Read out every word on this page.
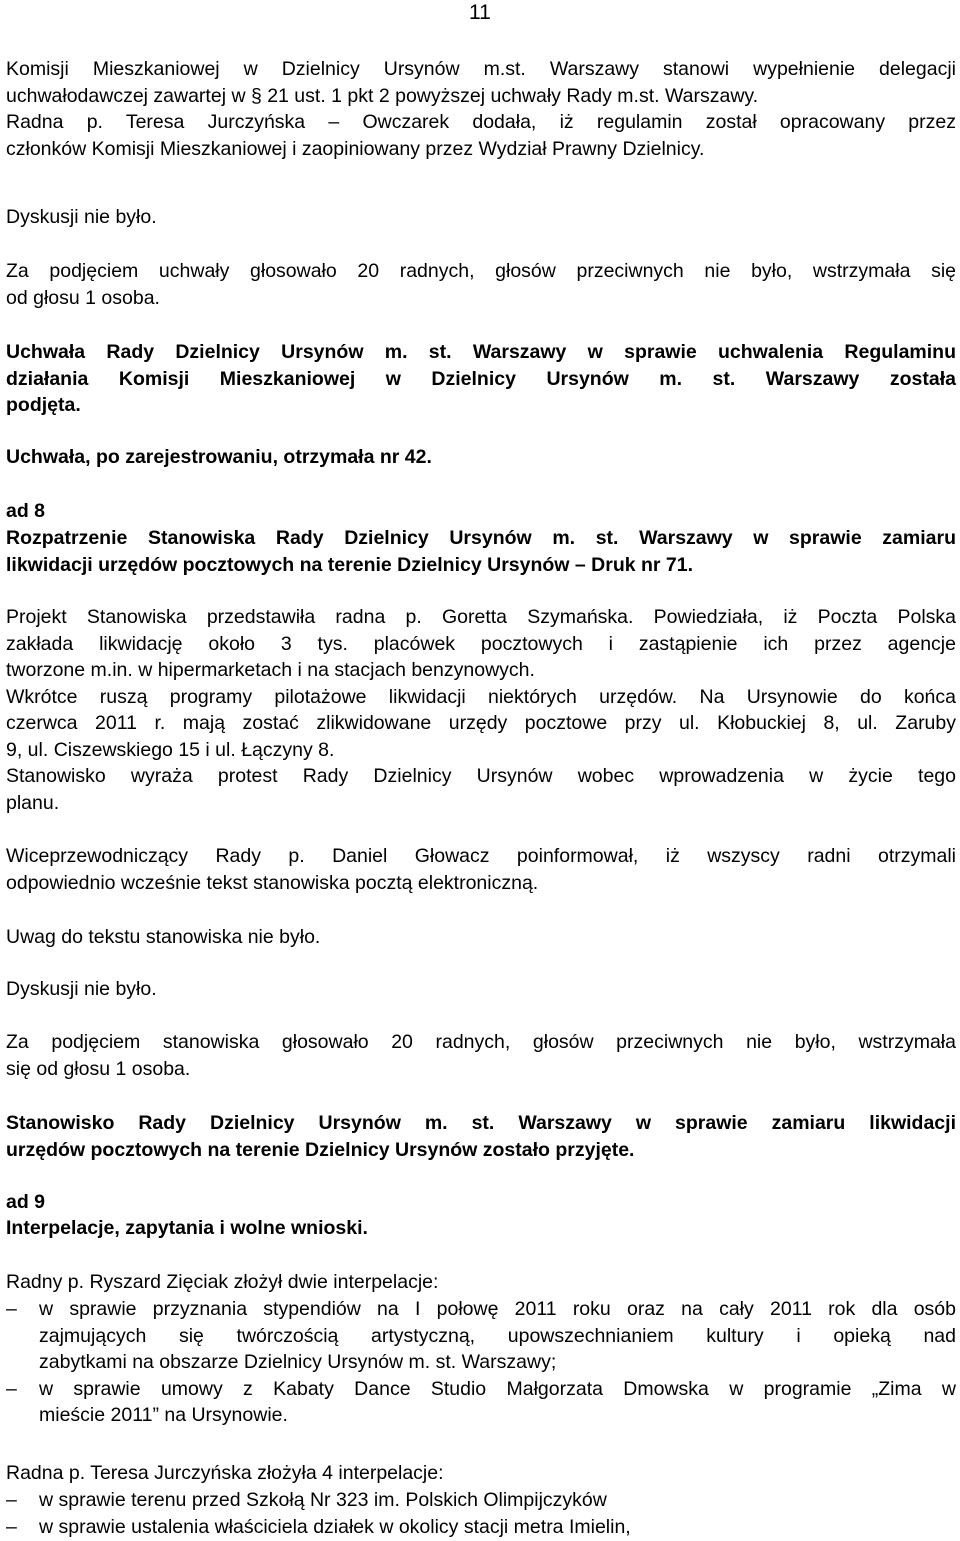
11
Komisji Mieszkaniowej w Dzielnicy Ursynów m.st. Warszawy stanowi wypełnienie delegacji
uchwałodawczej zawartej w § 21 ust. 1 pkt 2 powyższej uchwały Rady m.st. Warszawy.
Radna p. Teresa Jurczyńska – Owczarek dodała, iż regulamin został opracowany przez
członków Komisji Mieszkaniowej i zaopiniowany przez Wydział Prawny Dzielnicy.
Dyskusji nie było.
Za podjęciem uchwały głosowało 20 radnych, głosów przeciwnych nie było, wstrzymała się
od głosu 1 osoba.
Uchwała Rady Dzielnicy Ursynów m. st. Warszawy w sprawie uchwalenia Regulaminu
działania Komisji Mieszkaniowej w Dzielnicy Ursynów m. st. Warszawy została
podjęta.
Uchwała, po zarejestrowaniu, otrzymała nr 42.
ad 8
Rozpatrzenie Stanowiska Rady Dzielnicy Ursynów m. st. Warszawy w sprawie zamiaru
likwidacji urzędów pocztowych na terenie Dzielnicy Ursynów – Druk nr 71.
Projekt Stanowiska przedstawiła radna p. Goretta Szymańska. Powiedziała, iż Poczta Polska
zakłada likwidację około 3 tys. placówek pocztowych i zastąpienie ich przez agencje
tworzone m.in. w hipermarketach i na stacjach benzynowych.
Wkrótce ruszą programy pilotażowe likwidacji niektórych urzędów. Na Ursynowie do końca
czerwca 2011 r. mają zostać zlikwidowane urzędy pocztowe przy ul. Kłobuckiej 8, ul. Zaruby
9, ul. Ciszewskiego 15 i ul. Łączyny 8.
Stanowisko wyraża protest Rady Dzielnicy Ursynów wobec wprowadzenia w życie tego
planu.
Wiceprzewodniczący Rady p. Daniel Głowacz poinformował, iż wszyscy radni otrzymali
odpowiednio wcześnie tekst stanowiska pocztą elektroniczną.
Uwag do tekstu stanowiska nie było.
Dyskusji nie było.
Za podjęciem stanowiska głosowało 20 radnych, głosów przeciwnych nie było, wstrzymała
się od głosu 1 osoba.
Stanowisko Rady Dzielnicy Ursynów m. st. Warszawy w sprawie zamiaru likwidacji
urzędów pocztowych na terenie Dzielnicy Ursynów zostało przyjęte.
ad 9
Interpelacje, zapytania i wolne wnioski.
Radny p. Ryszard Zięciak złożył dwie interpelacje:
– w sprawie przyznania stypendiów na I połowę 2011 roku oraz na cały 2011 rok dla osób
zajmujących się twórczością artystyczną, upowszechnianiem kultury i opieką nad
zabytkami na obszarze Dzielnicy Ursynów m. st. Warszawy;
– w sprawie umowy z Kabaty Dance Studio Małgorzata Dmowska w programie „Zima w
mieście 2011” na Ursynowie.
Radna p. Teresa Jurczyńska złożyła 4 interpelacje:
– w sprawie terenu przed Szkołą Nr 323 im. Polskich Olimpijczyków
– w sprawie ustalenia właściciela działek w okolicy stacji metra Imielin,
